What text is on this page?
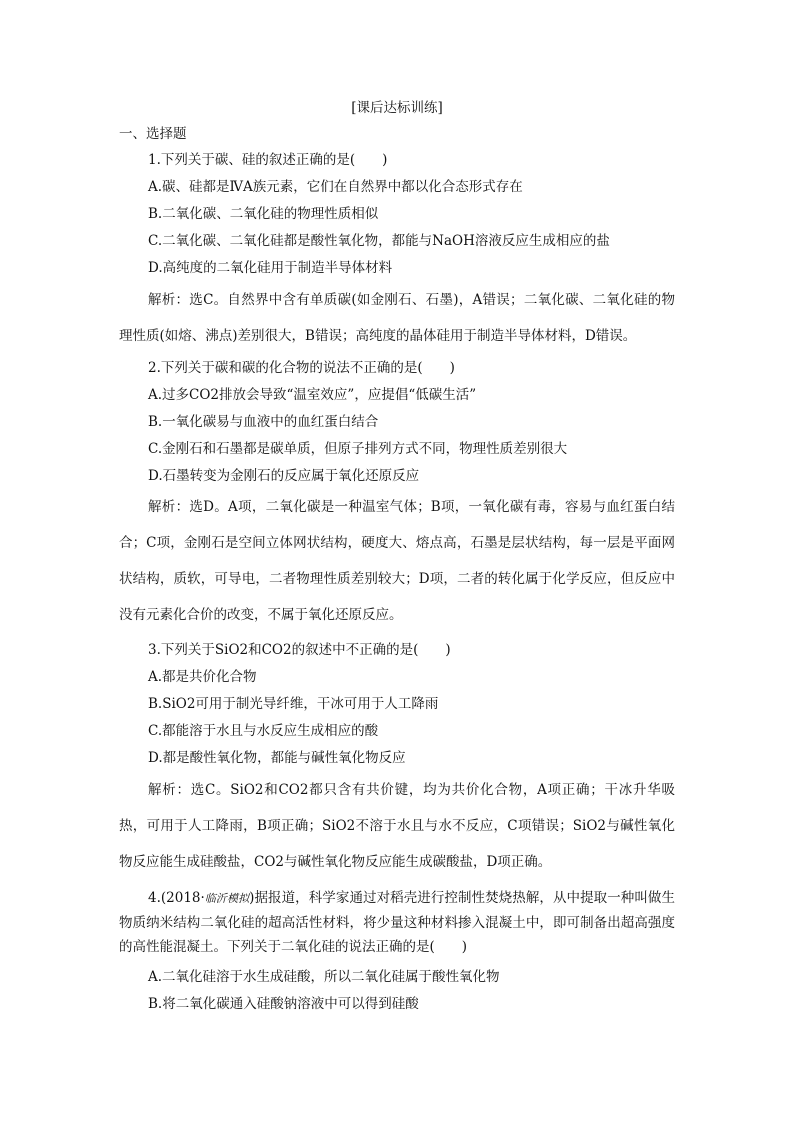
[课后达标训练]
一、选择题
1.下列关于碳、硅的叙述正确的是(　　)
A.碳、硅都是ⅣA族元素，它们在自然界中都以化合态形式存在
B.二氧化碳、二氧化硅的物理性质相似
C.二氧化碳、二氧化硅都是酸性氧化物，都能与NaOH溶液反应生成相应的盐
D.高纯度的二氧化硅用于制造半导体材料
解析：选C。自然界中含有单质碳(如金刚石、石墨)，A错误；二氧化碳、二氧化硅的物理性质(如熔、沸点)差别很大，B错误；高纯度的晶体硅用于制造半导体材料，D错误。
2.下列关于碳和碳的化合物的说法不正确的是(　　)
A.过多CO2排放会导致“温室效应”，应提倡“低碳生活”
B.一氧化碳易与血液中的血红蛋白结合
C.金刚石和石墨都是碳单质，但原子排列方式不同，物理性质差别很大
D.石墨转变为金刚石的反应属于氧化还原反应
解析：选D。A项，二氧化碳是一种温室气体；B项，一氧化碳有毒，容易与血红蛋白结合；C项，金刚石是空间立体网状结构，硬度大、熔点高，石墨是层状结构，每一层是平面网状结构，质软，可导电，二者物理性质差别较大；D项，二者的转化属于化学反应，但反应中没有元素化合价的改变，不属于氧化还原反应。
3.下列关于SiO2和CO2的叙述中不正确的是(　　)
A.都是共价化合物
B.SiO2可用于制光导纤维，干冰可用于人工降雨
C.都能溶于水且与水反应生成相应的酸
D.都是酸性氧化物，都能与碱性氧化物反应
解析：选C。SiO2和CO2都只含有共价键，均为共价化合物，A项正确；干冰升华吸热，可用于人工降雨，B项正确；SiO2不溶于水且与水不反应，C项错误；SiO2与碱性氧化物反应能生成硅酸盐，CO2与碱性氧化物反应能生成碳酸盐，D项正确。
4.(2018·临沂模拟)据报道，科学家通过对稻壳进行控制性焚烧热解，从中提取一种叫做生物质纳米结构二氧化硅的超高活性材料，将少量这种材料掺入混凝土中，即可制备出超高强度的高性能混凝土。下列关于二氧化硅的说法正确的是(　　)
A.二氧化硅溶于水生成硅酸，所以二氧化硅属于酸性氧化物
B.将二氧化碳通入硅酸钠溶液中可以得到硅酸
